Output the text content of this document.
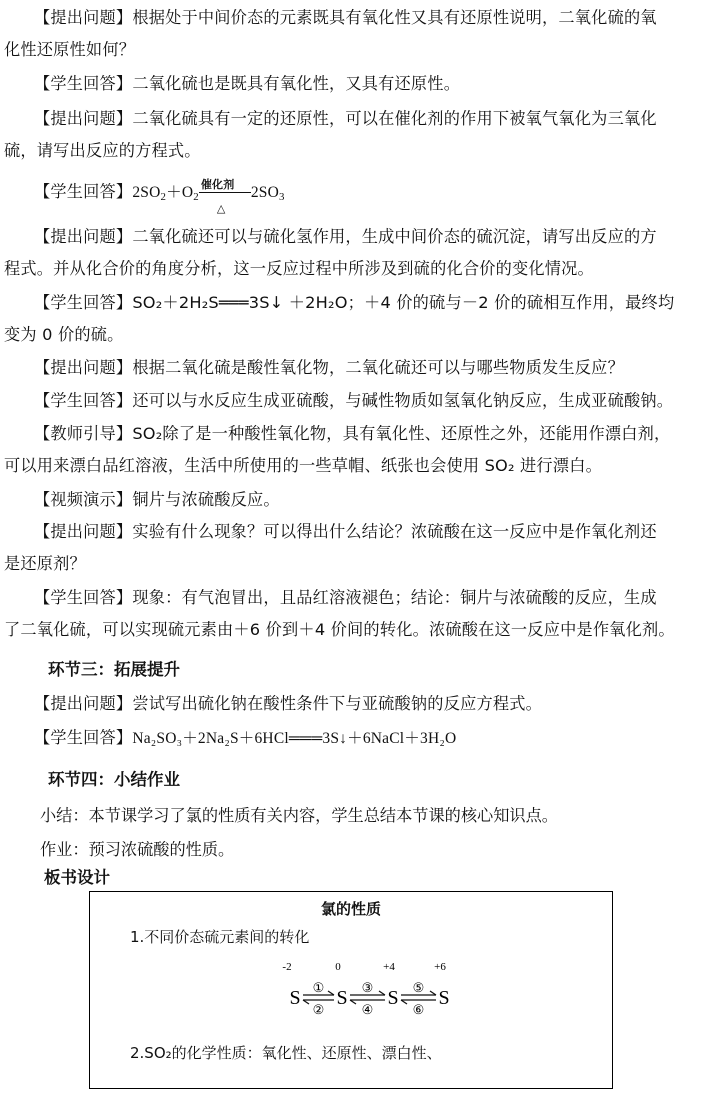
【提出问题】根据处于中间价态的元素既具有氧化性又具有还原性说明，二氧化硫的氧
化性还原性如何？
【学生回答】二氧化硫也是既具有氧化性，又具有还原性。
【提出问题】二氧化硫具有一定的还原性，可以在催化剂的作用下被氧气氧化为三氧化
硫，请写出反应的方程式。
【学生回答】$2SO_2+O_2$
催化剂
△
$2SO_3$
【提出问题】二氧化硫还可以与硫化氢作用，生成中间价态的硫沉淀，请写出反应的方
程式。并从化合价的角度分析，这一反应过程中所涉及到硫的化合价的变化情况。
【学生回答】SO₂＋2H₂S═══3S↓ ＋2H₂O；＋4 价的硫与－2 价的硫相互作用，最终均
变为 0 价的硫。
【提出问题】根据二氧化硫是酸性氧化物，二氧化硫还可以与哪些物质发生反应？
【学生回答】还可以与水反应生成亚硫酸，与碱性物质如氢氧化钠反应，生成亚硫酸钠。
【教师引导】SO₂除了是一种酸性氧化物，具有氧化性、还原性之外，还能用作漂白剂，
可以用来漂白品红溶液，生活中所使用的一些草帽、纸张也会使用 SO₂ 进行漂白。
【视频演示】铜片与浓硫酸反应。
【提出问题】实验有什么现象？可以得出什么结论？浓硫酸在这一反应中是作氧化剂还
是还原剂？
【学生回答】现象：有气泡冒出，且品红溶液褪色；结论：铜片与浓硫酸的反应，生成
了二氧化硫，可以实现硫元素由＋6 价到＋4 价间的转化。浓硫酸在这一反应中是作氧化剂。
环节三：拓展提升
【提出问题】尝试写出硫化钠在酸性条件下与亚硫酸钠的反应方程式。
【学生回答】Na₂SO₃＋2Na₂S＋6HCl═══3S↓＋6NaCl＋3H₂O
环节四：小结作业
小结：本节课学习了氯的性质有关内容，学生总结本节课的核心知识点。
作业：预习浓硫酸的性质。
板书设计
氯的性质
1.不同价态硫元素间的转化
S
-2
S
0
S
+4
S
+6
①
②
③
④
⑤
⑥
2.SO₂的化学性质：氧化性、还原性、漂白性、
